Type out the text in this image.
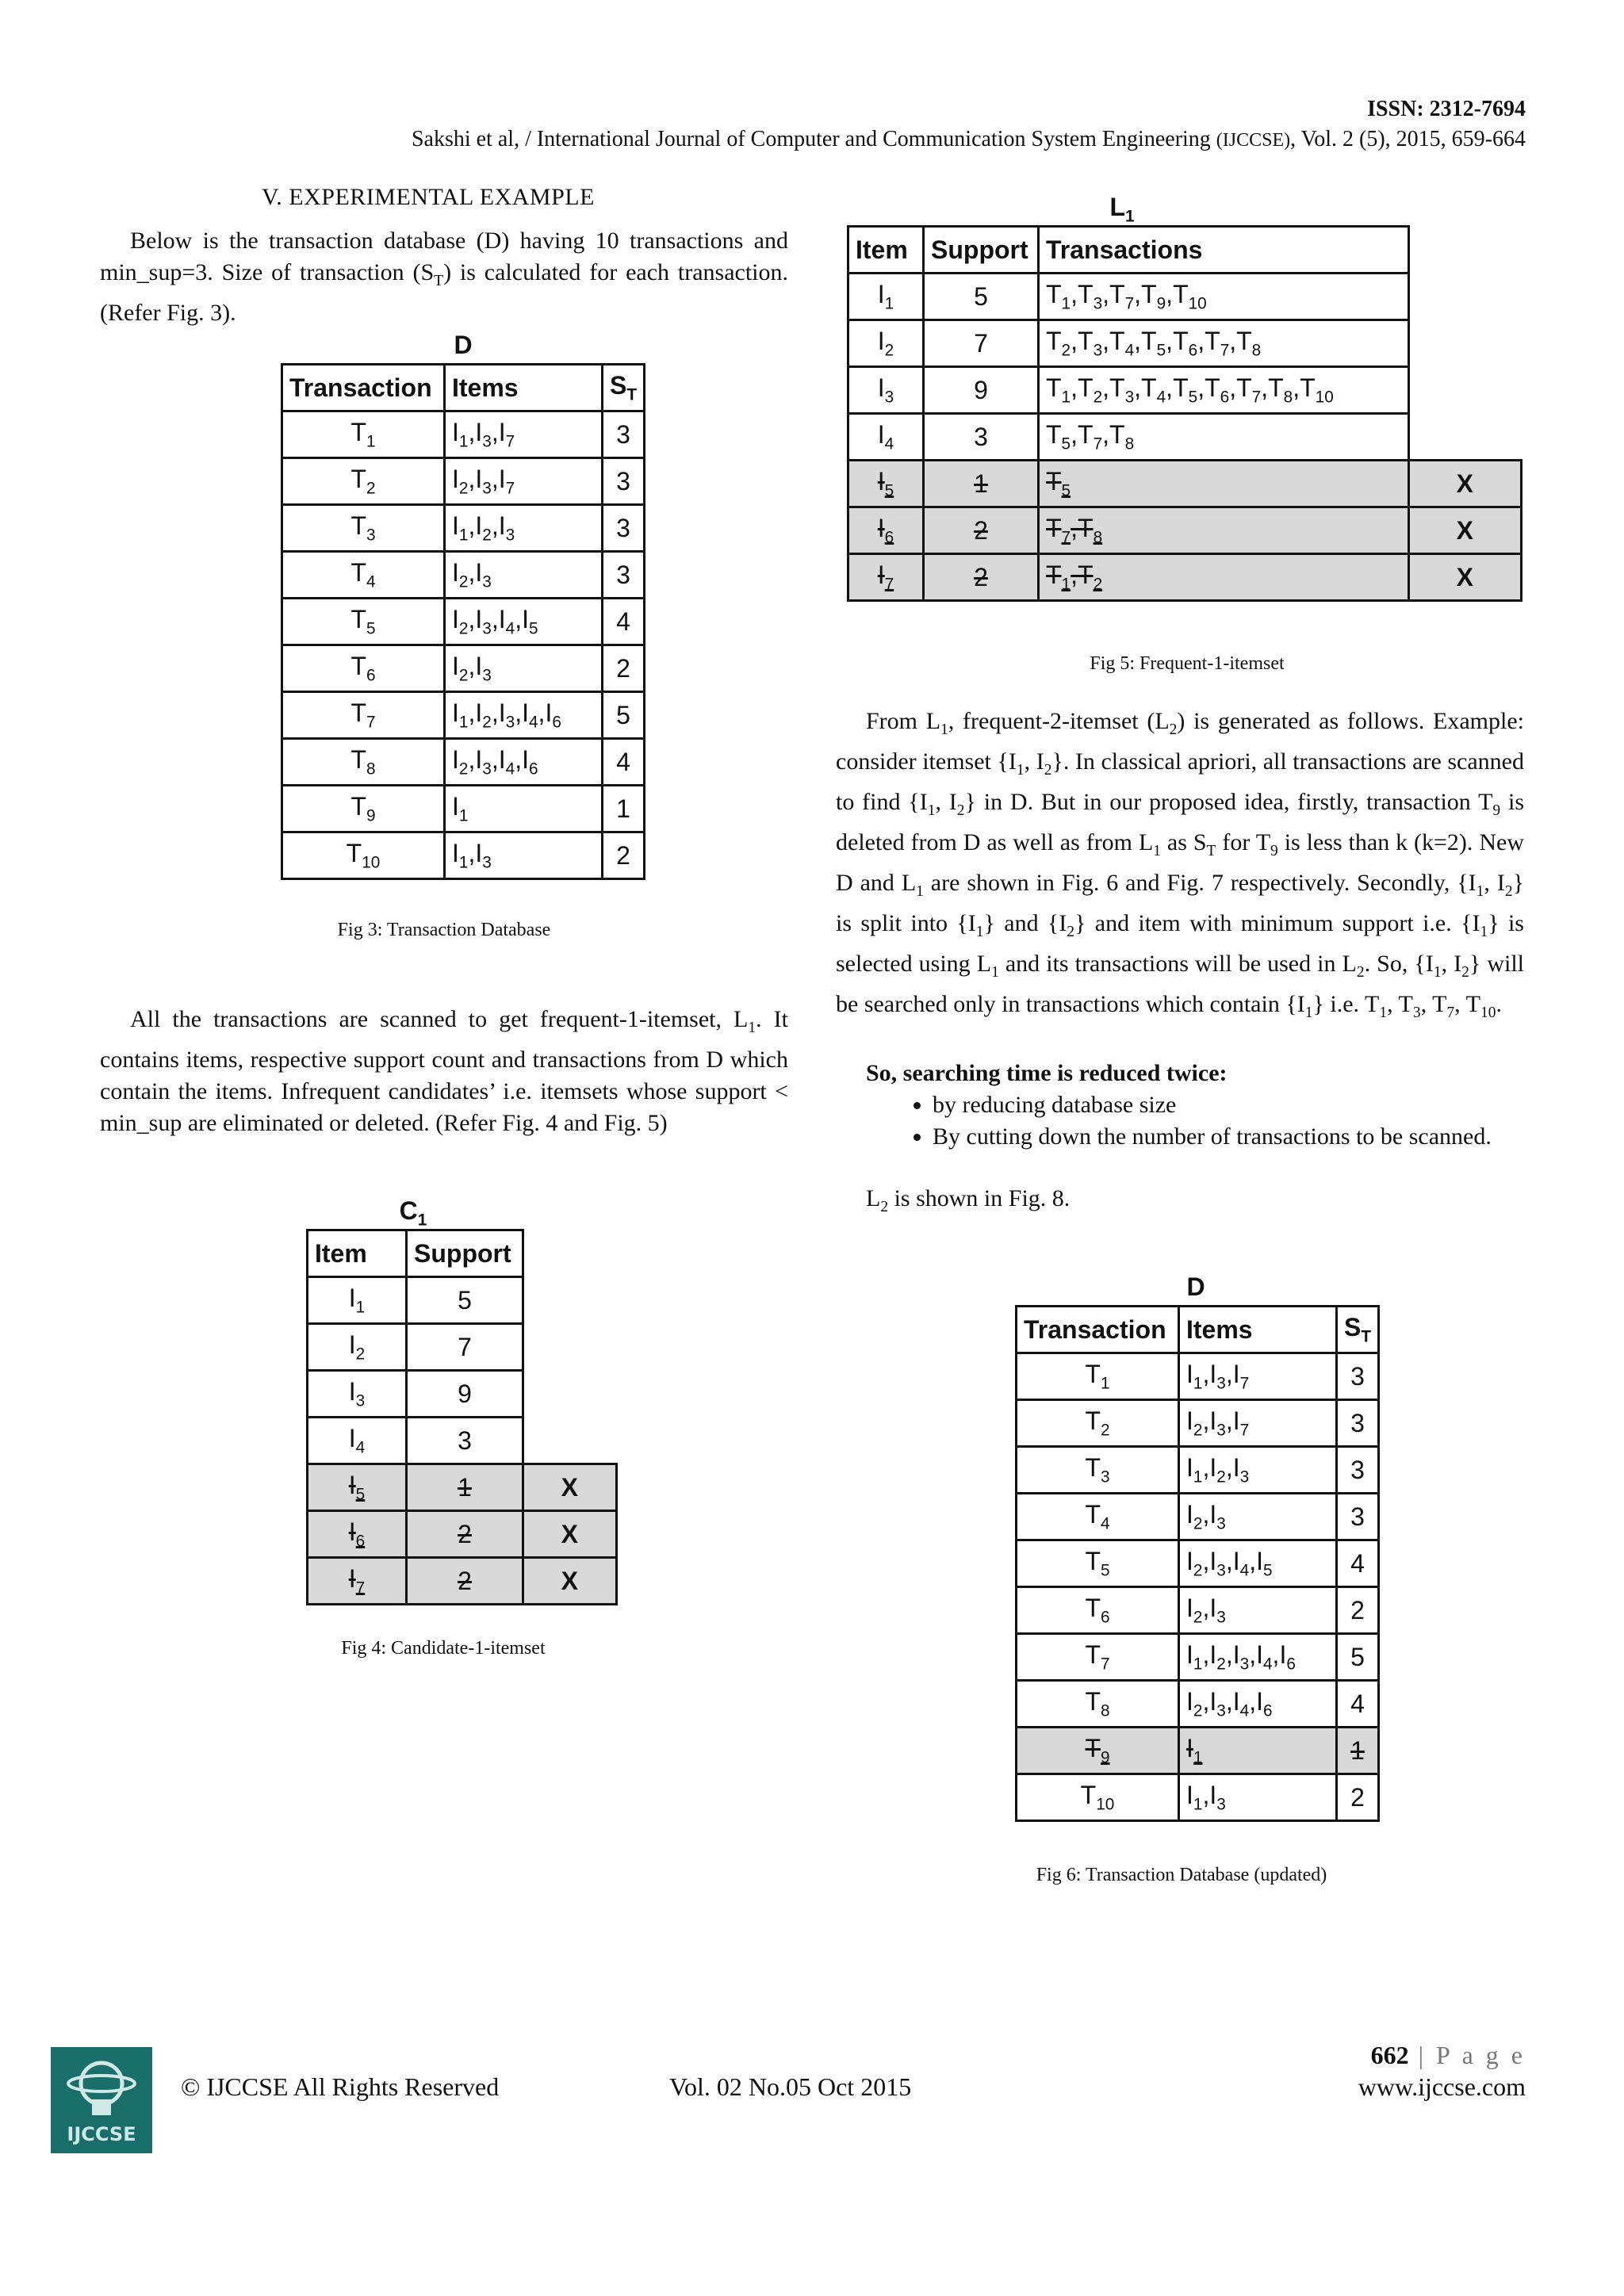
ISSN: 2312-7694
Sakshi et al, / International Journal of Computer and Communication System Engineering (IJCCSE), Vol. 2 (5), 2015, 659-664
V. EXPERIMENTAL EXAMPLE

Below is the transaction database (D) having 10 transactions and min_sup=3. Size of transaction $(S_T)$ is calculated for each transaction. (Refer Fig. 3).

D
Transaction	Items	$S_T$
$T_1$	$I_1,I_3,I_7$	3
$T_2$	$I_2,I_3,I_7$	3
$T_3$	$I_1,I_2,I_3$	3
$T_4$	$I_2,I_3$	3
$T_5$	$I_2,I_3,I_4,I_5$	4
$T_6$	$I_2,I_3$	2
$T_7$	$I_1,I_2,I_3,I_4,I_6$	5
$T_8$	$I_2,I_3,I_4,I_6$	4
$T_9$	$I_1$	1
$T_{10}$	$I_1,I_3$	2
Fig 3: Transaction Database

All the transactions are scanned to get frequent-1-itemset, $L_1$. It contains items, respective support count and transactions from D which contain the items. Infrequent candidates’ i.e. itemsets whose support < min_sup are eliminated or deleted. (Refer Fig. 4 and Fig. 5)

$C_1$
Item	Support	
$I_1$	5	
$I_2$	7	
$I_3$	9	
$I_4$	3	
$I_5$	1	X
$I_6$	2	X
$I_7$	2	X
Fig 4: Candidate-1-itemset
$L_1$
Item	Support	Transactions	
$I_1$	5	$T_1,T_3,T_7,T_9,T_{10}$	
$I_2$	7	$T_2,T_3,T_4,T_5,T_6,T_7,T_8$	
$I_3$	9	$T_1,T_2,T_3,T_4,T_5,T_6,T_7,T_8,T_{10}$	
$I_4$	3	$T_5,T_7,T_8$	
$I_5$	1	$T_5$	X
$I_6$	2	$T_7,T_8$	X
$I_7$	2	$T_1,T_2$	X
Fig 5: Frequent-1-itemset

From $L_1$, frequent-2-itemset $(L_2)$ is generated as follows. Example: consider itemset {$I_1$, $I_2$}. In classical apriori, all transactions are scanned to find {$I_1$, $I_2$} in D. But in our proposed idea, firstly, transaction $T_9$ is deleted from D as well as from $L_1$ as $S_T$ for $T_9$ is less than k (k=2). New D and $L_1$ are shown in Fig. 6 and Fig. 7 respectively. Secondly, {$I_1$, $I_2$} is split into $\{I_1\}$ and $\{I_2\}$ and item with minimum support i.e. $\{I_1\}$ is selected using $L_1$ and its transactions will be used in $L_2$. So, {$I_1$, $I_2$} will be searched only in transactions which contain $\{I_1\}$ i.e. $T_1$, $T_3$, $T_7$, $T_{10}$.

So, searching time is reduced twice:

• by reducing database size
• By cutting down the number of transactions to be scanned.

$L_2$ is shown in Fig. 8.

D
Transaction	Items	$S_T$
$T_1$	$I_1,I_3,I_7$	3
$T_2$	$I_2,I_3,I_7$	3
$T_3$	$I_1,I_2,I_3$	3
$T_4$	$I_2,I_3$	3
$T_5$	$I_2,I_3,I_4,I_5$	4
$T_6$	$I_2,I_3$	2
$T_7$	$I_1,I_2,I_3,I_4,I_6$	5
$T_8$	$I_2,I_3,I_4,I_6$	4
$T_9$	$I_1$	1
$T_{10}$	$I_1,I_3$	2
Fig 6: Transaction Database (updated)
IJCCSE
© IJCCSE All Rights Reserved	Vol. 02 No.05 Oct 2015
662 | P a g e
www.ijccse.com
